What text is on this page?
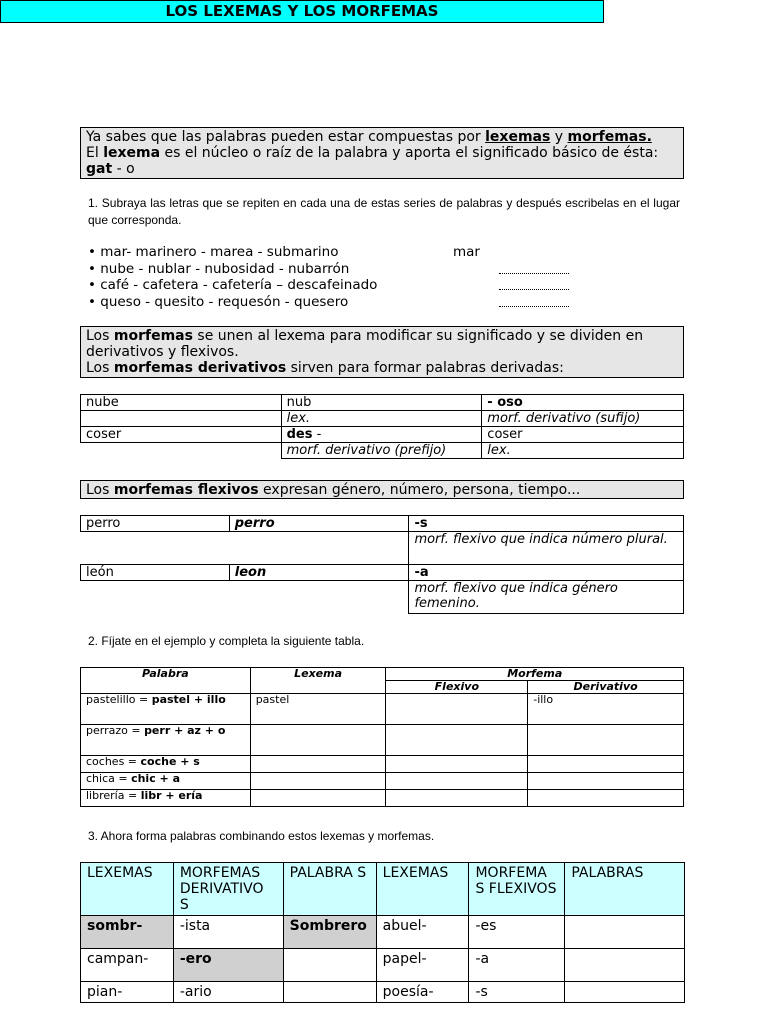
LOS LEXEMAS Y LOS MORFEMAS
Ya sabes que las palabras pueden estar compuestas por lexemas y morfemas.
El lexema es el núcleo o raíz de la palabra y aporta el significado básico de ésta:
gat - o
1. Subraya las letras que se repiten en cada una de estas series de palabras y después escribelas en el lugar que corresponda.
• mar- marinero - marea - submarino	mar
• nube - nublar - nubosidad - nubarrón
• café - cafetera - cafetería – descafeinado
• queso - quesito - requesón - quesero
Los morfemas se unen al lexema para modificar su significado y se dividen en
derivativos y flexivos.
Los morfemas derivativos sirven para formar palabras derivadas:
nube	nub	- oso
	lex.	morf. derivativo (sufijo)
coser	des -	coser
	morf. derivativo (prefijo)	lex.
Los morfemas flexivos expresan género, número, persona, tiempo...
perro	perro	-s
		morf. flexivo que indica número plural.
león	leon	-a
		morf. flexivo que indica género femenino.
2. Fíjate en el ejemplo y completa la siguiente tabla.
Palabra	Lexema	Morfema	
		Flexivo	Derivativo
pastelillo = pastel + illo	pastel		-illo
perrazo = perr + az + o			
coches = coche + s			
chica = chic + a			
librería = libr + ería			
3. Ahora forma palabras combinando estos lexemas y morfemas.
LEXEMAS	MORFEMAS DERIVATIVO S	PALABRA S	LEXEMAS	MORFEMA S FLEXIVOS	PALABRAS
sombr-	-ista	Sombrero	abuel-	-es	
campan-	-ero		papel-	-a	
pian-	-ario		poesía-	-s	
